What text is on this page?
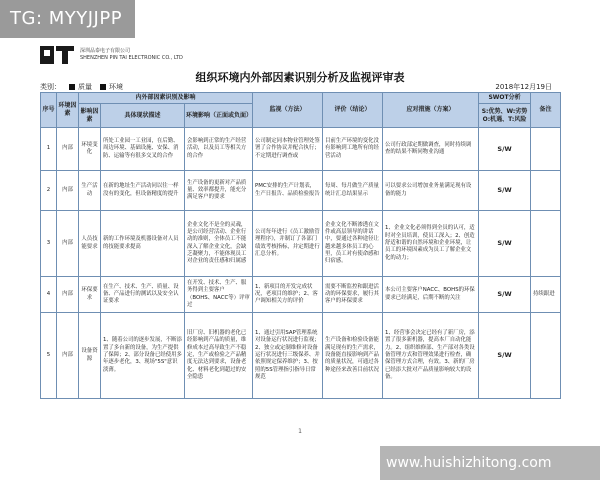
TG: MYYJJPP
深圳品泰电子有限公司
SHENZHEN PIN TAI ELECTRONIC CO., LTD
组织环境内外部因素识别分析及监视评审表
类别： 质量 环境	2018年12月19日
序号	环境因素	内外部因素识别及影响			监视（方法）	评价（结论）	应对措施（方案）	SWOT分析	备注
		影响因素	具体现状描述	环境影响（正面或负面）				S:优势、W:劣势 O:机遇、T:风险	
1	内部	环境变化	所处工业园一工业园，在后勤、周边环境、基础设施、安保、消防、运输等有很多交叉的合作	会影响到正常的生产经营活动，以及员工等相关方的合作	公司制定同本物业管理处签署了合作协议并配合执行；不定期进行调查或	目前生产环境的变化没有影响到工地所有的经营活动	公司行政部定期做调查，同时持续调查的结果不断同物业沟通	S/W	
2	内部	生产活动	在新的地址生产活动同以往一样没有的变化，但设备精度的提升	生产设备的更新对产品质量、效率都提升，能充分满足客户的要求	PMC安排的生产计划表，生产日报告、品质检验报告	每周、每月做生产质量统计汇总结果显示	可以要求公司增加业务量满足现有设备的能力	S/W	
3	内部	人员技能要求	新的工作环境及机器设备对人员的技能要求提高	企业文化不是全的灵魂，是公司经营活动、企业行动的准则，全体员工不能深入了解企业文化，会缺乏凝聚力，不能体现员工对企业的责任感和归属感	公司每年进行《员工激励管理程序》，并制订了各部门绩效考核指标，并定期进行汇总分析。	企业文化不断渗透在文件或高层领导的讲话中，要通过各种途径让越来越多体员工的心里，员工对有使命感和归宿感。	1、企业文化必须得到全员的认可，适时对全员培训，使员工深入；2、创造舒适和谐的自然环境和企业环境，让员工的环境因素成为员工了解企业文化的动力；	S/W	
4	内部	环保要求	在生产、技术、生产、质量、设备、产品进行的测试以及安全认证要求	在开发、技术、生产、服务得到主要客户（BOHS、NACC等）评审过	1、新项目的开发完成状况，老项目的维护；2、客户调知相关方的评价	需要不断监控和跟进活动的环保要求，履行其客户的环保要求	本公司主要客户NACC、BOHS的环保要求已经满足，后期不断的关注	S/W	持续跟进
5	内部	设备资源	1、随着公司的逐步发展，不断添置了多台新的设备，为生产提供了保障；2、部分设备已经使用多年逐步老化，3、现场"5S"意识淡薄。	旧厂房、旧机器的老化已经影响到产品的质量，维修成本过高导致生产不稳定，生产或检验之产品精度无法达到要求，设备老化、材料老化到超过的安全隐患	1、通过引用SAP管理系统对设备运行状况进行监视；2、独立或定制维修对设备运行状况进行三级保养、并依照规定保养维护；3、按照的5S管理指引指导日常规范	生产设备和检验设备能满足现有的生产需求，设备能直接影响到产品的质量状况，可通过各种途径来改善目前状况	1、经营事会决定已经有了新厂房，添置了很多新机器，提高本厂自动化能力。2、组织维修部、生产部对各类设备管理方式和管理效果进行检查，确保管理方式合理，有效。3、新的厂房已经添大批对产品质量影响较大的设备。	S/W	
1
www.huishizhitong.com
